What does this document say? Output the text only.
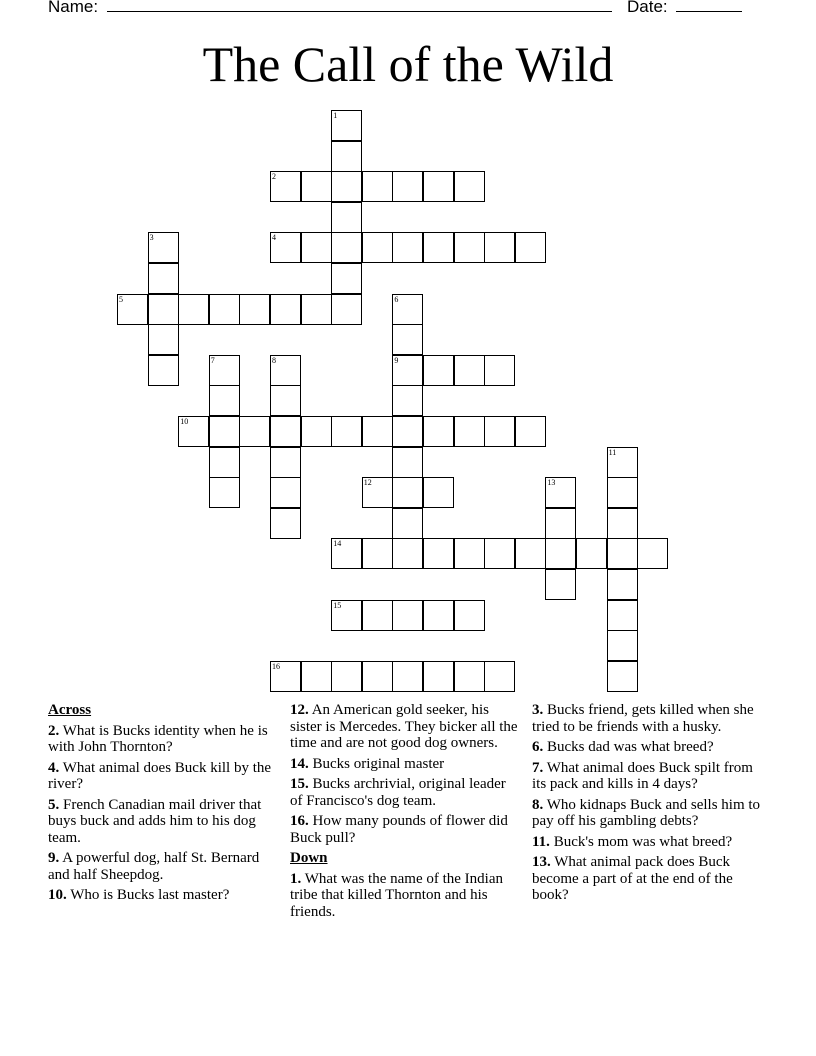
Name:	Date:
The Call of the Wild
1
2
3	4
5	6
9
7	8
10
11
12	13
14
15
16
Across
2. What is Bucks identity when he is with John Thornton?
4. What animal does Buck kill by the river?
5. French Canadian mail driver that buys buck and adds him to his dog team.
9. A powerful dog, half St. Bernard and half Sheepdog.
10. Who is Bucks last master?
12. An American gold seeker, his sister is Mercedes. They bicker all the time and are not good dog owners.
14. Bucks original master
15. Bucks archrivial, original leader of Francisco's dog team.
16. How many pounds of flower did Buck pull?
Down
1. What was the name of the Indian tribe that killed Thornton and his friends.
3. Bucks friend, gets killed when she tried to be friends with a husky.
6. Bucks dad was what breed?
7. What animal does Buck spilt from its pack and kills in 4 days?
8. Who kidnaps Buck and sells him to pay off his gambling debts?
11. Buck's mom was what breed?
13. What animal pack does Buck become a part of at the end of the book?
